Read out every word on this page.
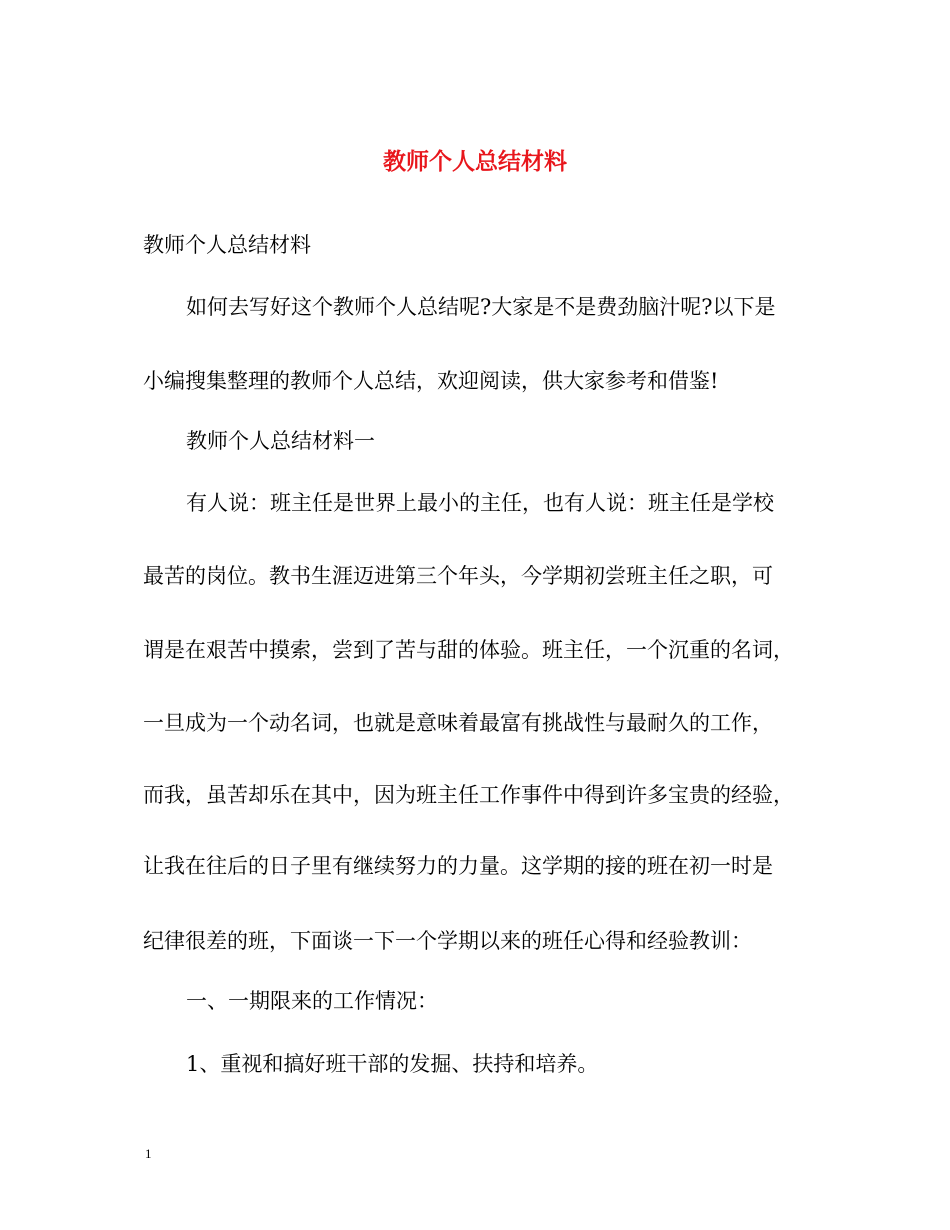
教师个人总结材料
教师个人总结材料
如何去写好这个教师个人总结呢?大家是不是费劲脑汁呢?以下是
小编搜集整理的教师个人总结，欢迎阅读，供大家参考和借鉴!
教师个人总结材料一
有人说：班主任是世界上最小的主任，也有人说：班主任是学校
最苦的岗位。教书生涯迈进第三个年头，今学期初尝班主任之职，可
谓是在艰苦中摸索，尝到了苦与甜的体验。班主任，一个沉重的名词，
一旦成为一个动名词，也就是意味着最富有挑战性与最耐久的工作，
而我，虽苦却乐在其中，因为班主任工作事件中得到许多宝贵的经验，
让我在往后的日子里有继续努力的力量。这学期的接的班在初一时是
纪律很差的班，下面谈一下一个学期以来的班任心得和经验教训：
一、一期限来的工作情况：
1、重视和搞好班干部的发掘、扶持和培养。
1
